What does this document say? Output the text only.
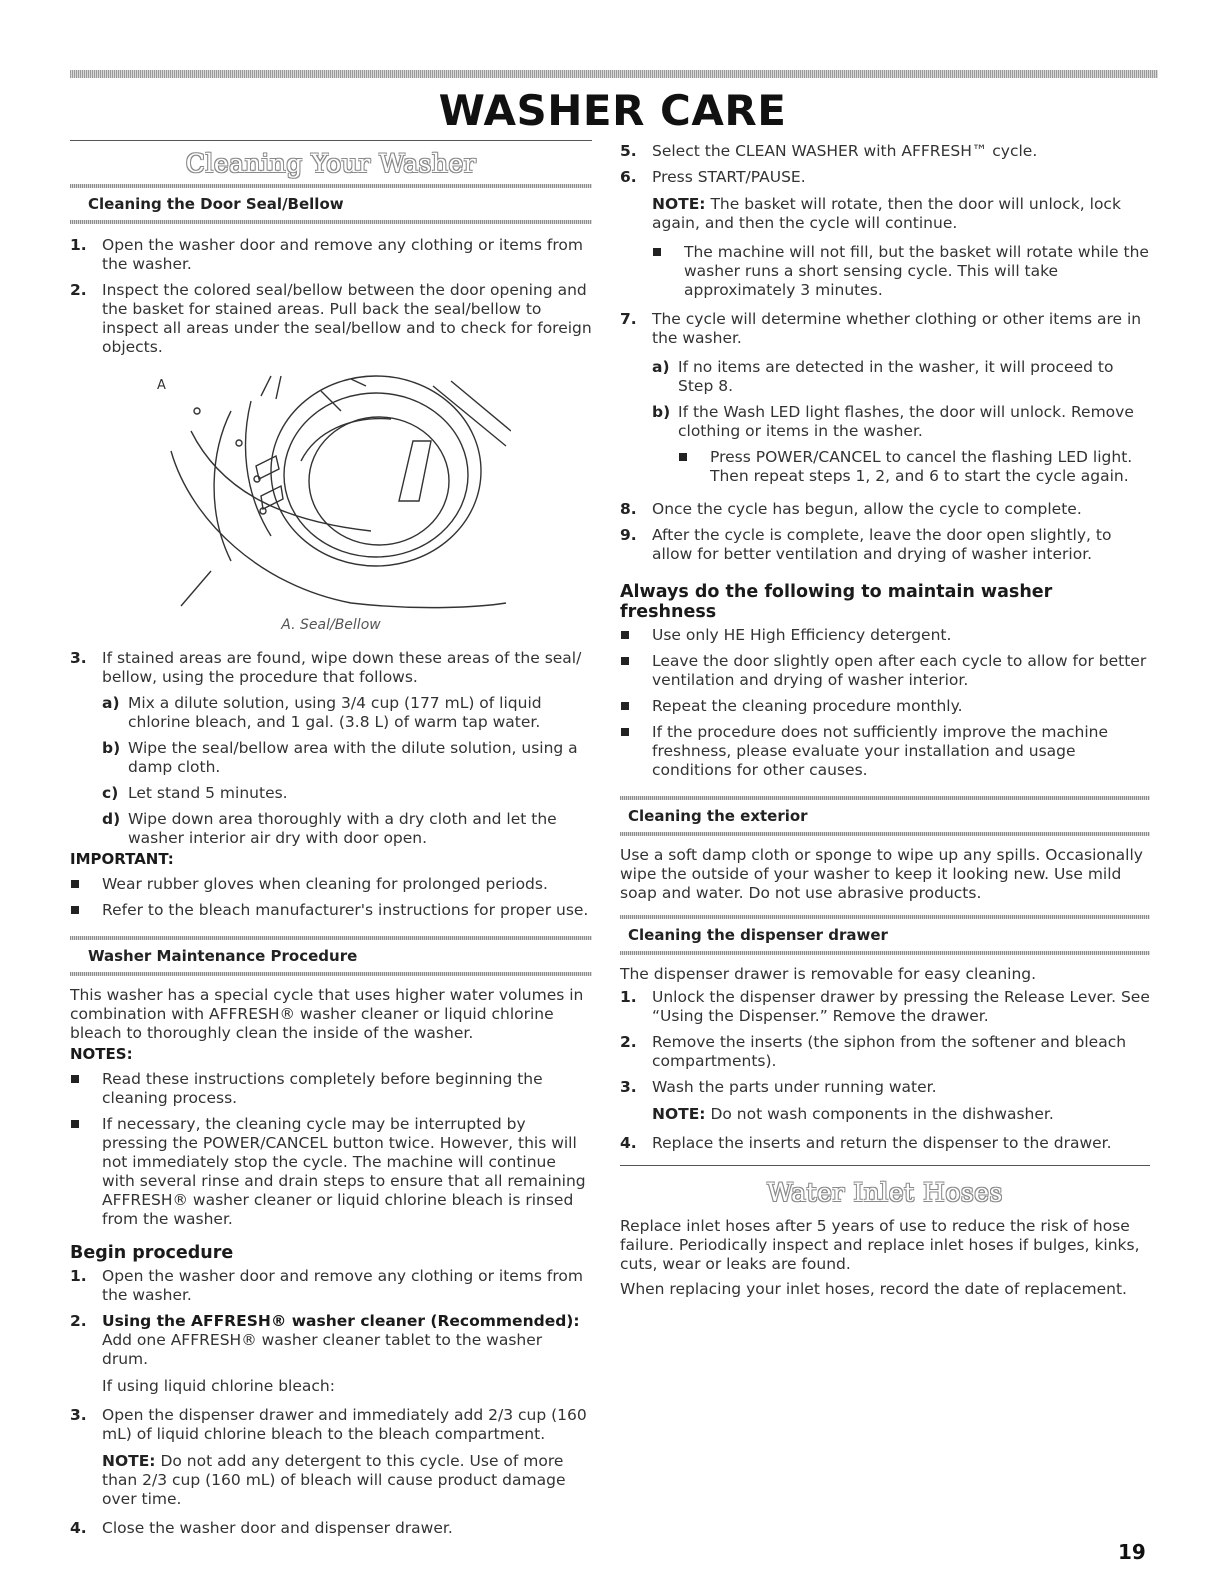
WASHER CARE
Cleaning Your Washer
Cleaning the Door Seal/Bellow
1. Open the washer door and remove any clothing or items from the washer.
2. Inspect the colored seal/bellow between the door opening and the basket for stained areas. Pull back the seal/bellow to inspect all areas under the seal/bellow and to check for foreign objects.
A
A. Seal/Bellow
3. If stained areas are found, wipe down these areas of the seal/ bellow, using the procedure that follows.
a) Mix a dilute solution, using 3/4 cup (177 mL) of liquid chlorine bleach, and 1 gal. (3.8 L) of warm tap water.
b) Wipe the seal/bellow area with the dilute solution, using a damp cloth.
c) Let stand 5 minutes.
d) Wipe down area thoroughly with a dry cloth and let the washer interior air dry with door open.
IMPORTANT:
Wear rubber gloves when cleaning for prolonged periods.
Refer to the bleach manufacturer's instructions for proper use.
Washer Maintenance Procedure

This washer has a special cycle that uses higher water volumes in combination with AFFRESH® washer cleaner or liquid chlorine bleach to thoroughly clean the inside of the washer.

NOTES:
Read these instructions completely before beginning the cleaning process.
If necessary, the cleaning cycle may be interrupted by pressing the POWER/CANCEL button twice. However, this will not immediately stop the cycle. The machine will continue with several rinse and drain steps to ensure that all remaining AFFRESH® washer cleaner or liquid chlorine bleach is rinsed from the washer.
Begin procedure
1. Open the washer door and remove any clothing or items from the washer.
2. Using the AFFRESH® washer cleaner (Recommended):
Add one AFFRESH® washer cleaner tablet to the washer drum.
If using liquid chlorine bleach:
3. Open the dispenser drawer and immediately add 2/3 cup (160 mL) of liquid chlorine bleach to the bleach compartment.

NOTE: Do not add any detergent to this cycle. Use of more than 2/3 cup (160 mL) of bleach will cause product damage over time.

4. Close the washer door and dispenser drawer.
5. Select the CLEAN WASHER with AFFRESH™ cycle.
6. Press START/PAUSE.

NOTE: The basket will rotate, then the door will unlock, lock again, and then the cycle will continue.

The machine will not fill, but the basket will rotate while the washer runs a short sensing cycle. This will take approximately 3 minutes.
7. The cycle will determine whether clothing or other items are in the washer.
a) If no items are detected in the washer, it will proceed to Step 8.
b) If the Wash LED light flashes, the door will unlock. Remove clothing or items in the washer.
Press POWER/CANCEL to cancel the flashing LED light. Then repeat steps 1, 2, and 6 to start the cycle again.
8. Once the cycle has begun, allow the cycle to complete.
9. After the cycle is complete, leave the door open slightly, to allow for better ventilation and drying of washer interior.
Always do the following to maintain washer freshness
Use only HE High Efficiency detergent.
Leave the door slightly open after each cycle to allow for better ventilation and drying of washer interior.
Repeat the cleaning procedure monthly.
If the procedure does not sufficiently improve the machine freshness, please evaluate your installation and usage conditions for other causes.
Cleaning the exterior

Use a soft damp cloth or sponge to wipe up any spills. Occasionally wipe the outside of your washer to keep it looking new. Use mild soap and water. Do not use abrasive products.

Cleaning the dispenser drawer

The dispenser drawer is removable for easy cleaning.

1. Unlock the dispenser drawer by pressing the Release Lever. See “Using the Dispenser.” Remove the drawer.
2. Remove the inserts (the siphon from the softener and bleach compartments).
3. Wash the parts under running water.

NOTE: Do not wash components in the dishwasher.

4. Replace the inserts and return the dispenser to the drawer.
Water Inlet Hoses

Replace inlet hoses after 5 years of use to reduce the risk of hose failure. Periodically inspect and replace inlet hoses if bulges, kinks, cuts, wear or leaks are found.

When replacing your inlet hoses, record the date of replacement.

19
